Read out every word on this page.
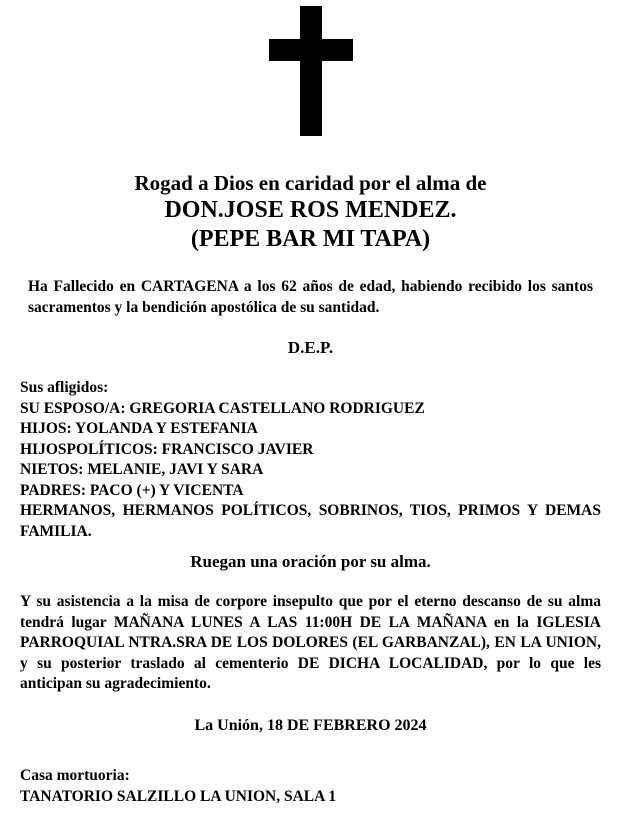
Rogad a Dios en caridad por el alma de
DON.JOSE ROS MENDEZ.
(PEPE BAR MI TAPA)
Ha Fallecido en CARTAGENA a los 62 años de edad, habiendo recibido los santos sacramentos y la bendición apostólica de su santidad.
D.E.P.
Sus afligidos:
SU ESPOSO/A: GREGORIA CASTELLANO RODRIGUEZ
HIJOS: YOLANDA Y ESTEFANIA
HIJOSPOLÍTICOS: FRANCISCO JAVIER
NIETOS: MELANIE, JAVI Y SARA
PADRES: PACO (+) Y VICENTA
HERMANOS, HERMANOS POLÍTICOS, SOBRINOS, TIOS, PRIMOS Y DEMAS FAMILIA.
Ruegan una oración por su alma.
Y su asistencia a la misa de corpore insepulto que por el eterno descanso de su alma tendrá lugar MAÑANA LUNES A LAS 11:00H DE LA MAÑANA en la IGLESIA PARROQUIAL NTRA.SRA DE LOS DOLORES (EL GARBANZAL), EN LA UNION, y su posterior traslado al cementerio DE DICHA LOCALIDAD, por lo que les anticipan su agradecimiento.
La Unión, 18 DE FEBRERO 2024
Casa mortuoria:
TANATORIO SALZILLO LA UNION, SALA 1
